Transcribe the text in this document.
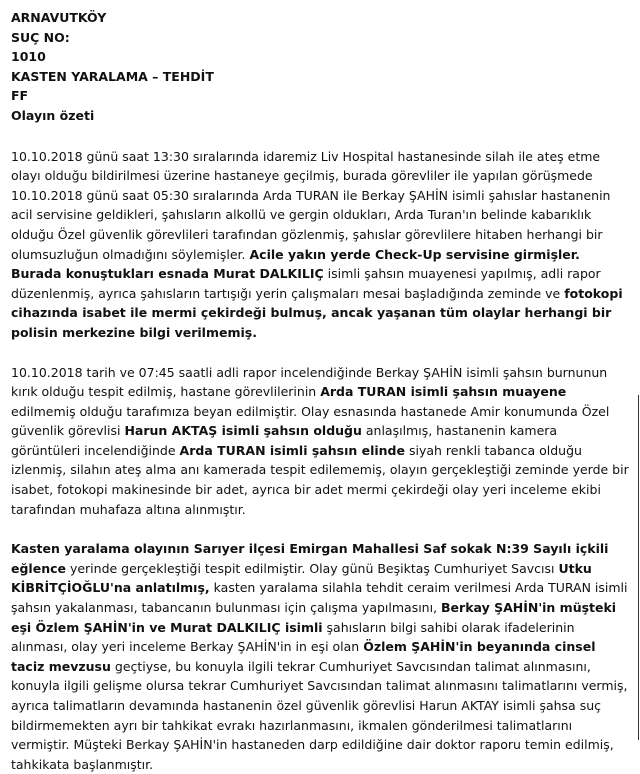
ARNAVUTKÖY
SUÇ NO:
1010
KASTEN YARALAMA – TEHDİT
FF
Olayın özeti

10.10.2018 günü saat 13:30 sıralarında idaremiz Liv Hospital hastanesinde silah ile ateş etme olayı olduğu bildirilmesi üzerine hastaneye geçilmiş, burada görevliler ile yapılan görüşmede 10.10.2018 günü saat 05:30 sıralarında Arda TURAN ile Berkay ŞAHİN isimli şahıslar hastanenin acil servisine geldikleri, şahısların alkollü ve gergin oldukları, Arda Turan'ın belinde kabarıklık olduğu Özel güvenlik görevlileri tarafından gözlenmiş, şahıslar görevlilere hitaben herhangi bir olumsuzluğun olmadığını söylemişler. Acile yakın yerde Check-Up servisine girmişler. Burada konuştukları esnada Murat DALKILIÇ isimli şahsın muayenesi yapılmış, adli rapor düzenlenmiş, ayrıca şahısların tartışığı yerin çalışmaları mesai başladığında zeminde ve fotokopi cihazında isabet ile mermi çekirdeği bulmuş, ancak yaşanan tüm olaylar herhangi bir polisin merkezine bilgi verilmemiş.

10.10.2018 tarih ve 07:45 saatli adli rapor incelendiğinde Berkay ŞAHİN isimli şahsın burnunun kırık olduğu tespit edilmiş, hastane görevlilerinin Arda TURAN isimli şahsın muayene edilmemiş olduğu tarafımıza beyan edilmiştir. Olay esnasında hastanede Amir konumunda Özel güvenlik görevlisi Harun AKTAŞ isimli şahsın olduğu anlaşılmış, hastanenin kamera görüntüleri incelendiğinde Arda TURAN isimli şahsın elinde siyah renkli tabanca olduğu izlenmiş, silahın ateş alma anı kamerada tespit edilememiş, olayın gerçekleştiği zeminde yerde bir isabet, fotokopi makinesinde bir adet, ayrıca bir adet mermi çekirdeği olay yeri inceleme ekibi tarafından muhafaza altına alınmıştır.

Kasten yaralama olayının Sarıyer ilçesi Emirgan Mahallesi Saf sokak N:39 Sayılı içkili eğlence yerinde gerçekleştiği tespit edilmiştir. Olay günü Beşiktaş Cumhuriyet Savcısı Utku KİBRİTÇİOĞLU'na anlatılmış, kasten yaralama silahla tehdit ceraim verilmesi Arda TURAN isimli şahsın yakalanması, tabancanın bulunması için çalışma yapılmasını, Berkay ŞAHİN'in müşteki eşi Özlem ŞAHİN'in ve Murat DALKILIÇ isimli şahısların bilgi sahibi olarak ifadelerinin alınması, olay yeri inceleme Berkay ŞAHİN'in in eşi olan Özlem ŞAHİN'in beyanında cinsel taciz mevzusu geçtiyse, bu konuyla ilgili tekrar Cumhuriyet Savcısından talimat alınmasını, konuyla ilgili gelişme olursa tekrar Cumhuriyet Savcısından talimat alınmasını talimatlarını vermiş, ayrıca talimatların devamında hastanenin özel güvenlik görevlisi Harun AKTAY isimli şahsa suç bildirmemekten ayrı bir tahkikat evrakı hazırlanmasını, ikmalen gönderilmesi talimatlarını vermiştir. Müşteki Berkay ŞAHİN'in hastaneden darp edildiğine dair doktor raporu temin edilmiş, tahkikata başlanmıştır.
